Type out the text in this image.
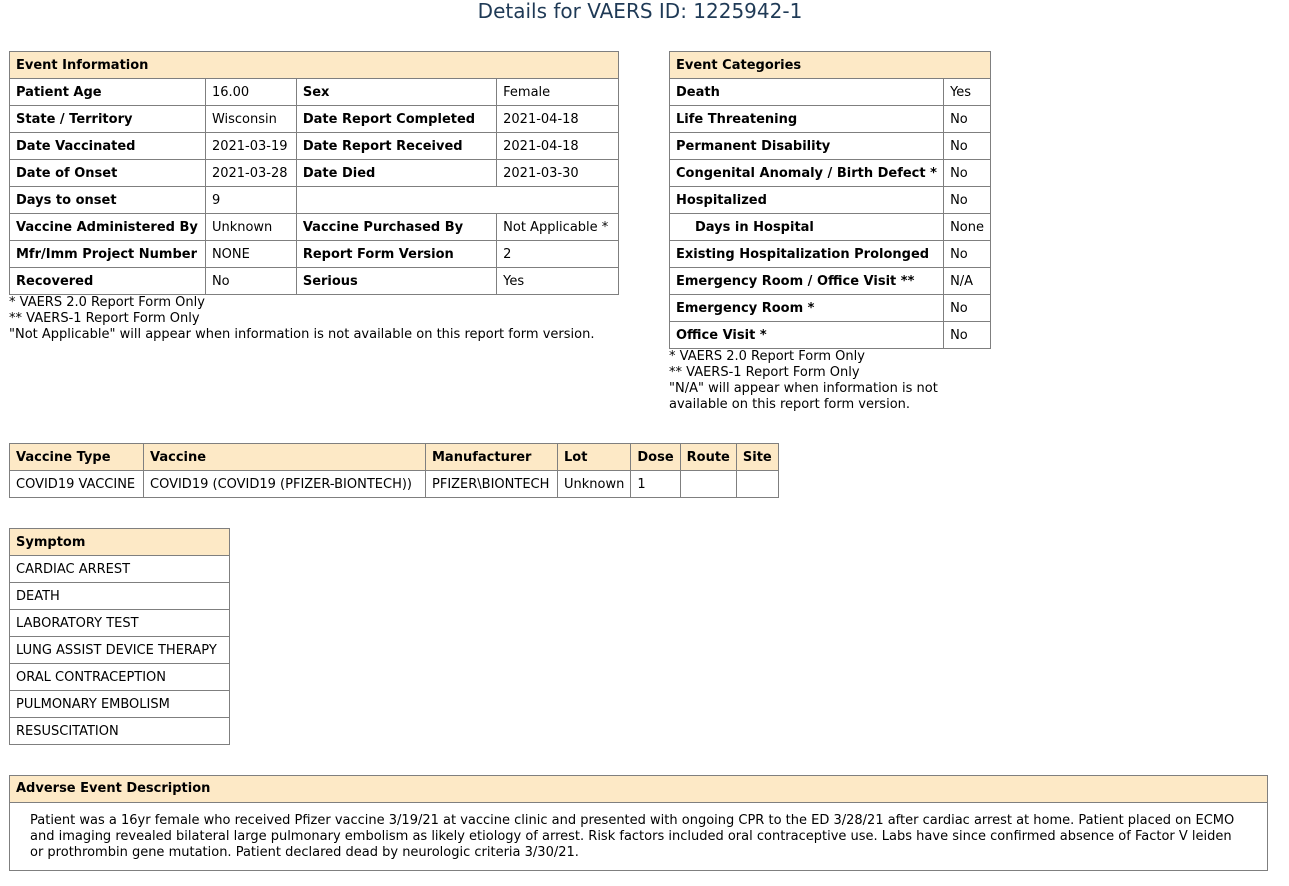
Details for VAERS ID: 1225942-1
Event Information			
Patient Age	16.00	Sex	Female
State / Territory	Wisconsin	Date Report Completed	2021-04-18
Date Vaccinated	2021-03-19	Date Report Received	2021-04-18
Date of Onset	2021-03-28	Date Died	2021-03-30
Days to onset	9		
Vaccine Administered By	Unknown	Vaccine Purchased By	Not Applicable *
Mfr/Imm Project Number	NONE	Report Form Version	2
Recovered	No	Serious	Yes
* VAERS 2.0 Report Form Only
** VAERS-1 Report Form Only
"Not Applicable" will appear when information is not available on this report form version.
Event Categories	
Death	Yes
Life Threatening	No
Permanent Disability	No
Congenital Anomaly / Birth Defect *	No
Hospitalized	No
Days in Hospital	None
Existing Hospitalization Prolonged	No
Emergency Room / Office Visit **	N/A
Emergency Room *	No
Office Visit *	No
* VAERS 2.0 Report Form Only
** VAERS-1 Report Form Only
"N/A" will appear when information is not
available on this report form version.
Vaccine Type	Vaccine	Manufacturer	Lot	Dose	Route	Site
COVID19 VACCINE	COVID19 (COVID19 (PFIZER-BIONTECH))	PFIZER\BIONTECH	Unknown	1		
Symptom
CARDIAC ARREST
DEATH
LABORATORY TEST
LUNG ASSIST DEVICE THERAPY
ORAL CONTRACEPTION
PULMONARY EMBOLISM
RESUSCITATION
Adverse Event Description
Patient was a 16yr female who received Pfizer vaccine 3/19/21 at vaccine clinic and presented with ongoing CPR to the ED 3/28/21 after cardiac arrest at home. Patient placed on ECMO and imaging revealed bilateral large pulmonary embolism as likely etiology of arrest. Risk factors included oral contraceptive use. Labs have since confirmed absence of Factor V leiden or prothrombin gene mutation. Patient declared dead by neurologic criteria 3/30/21.
